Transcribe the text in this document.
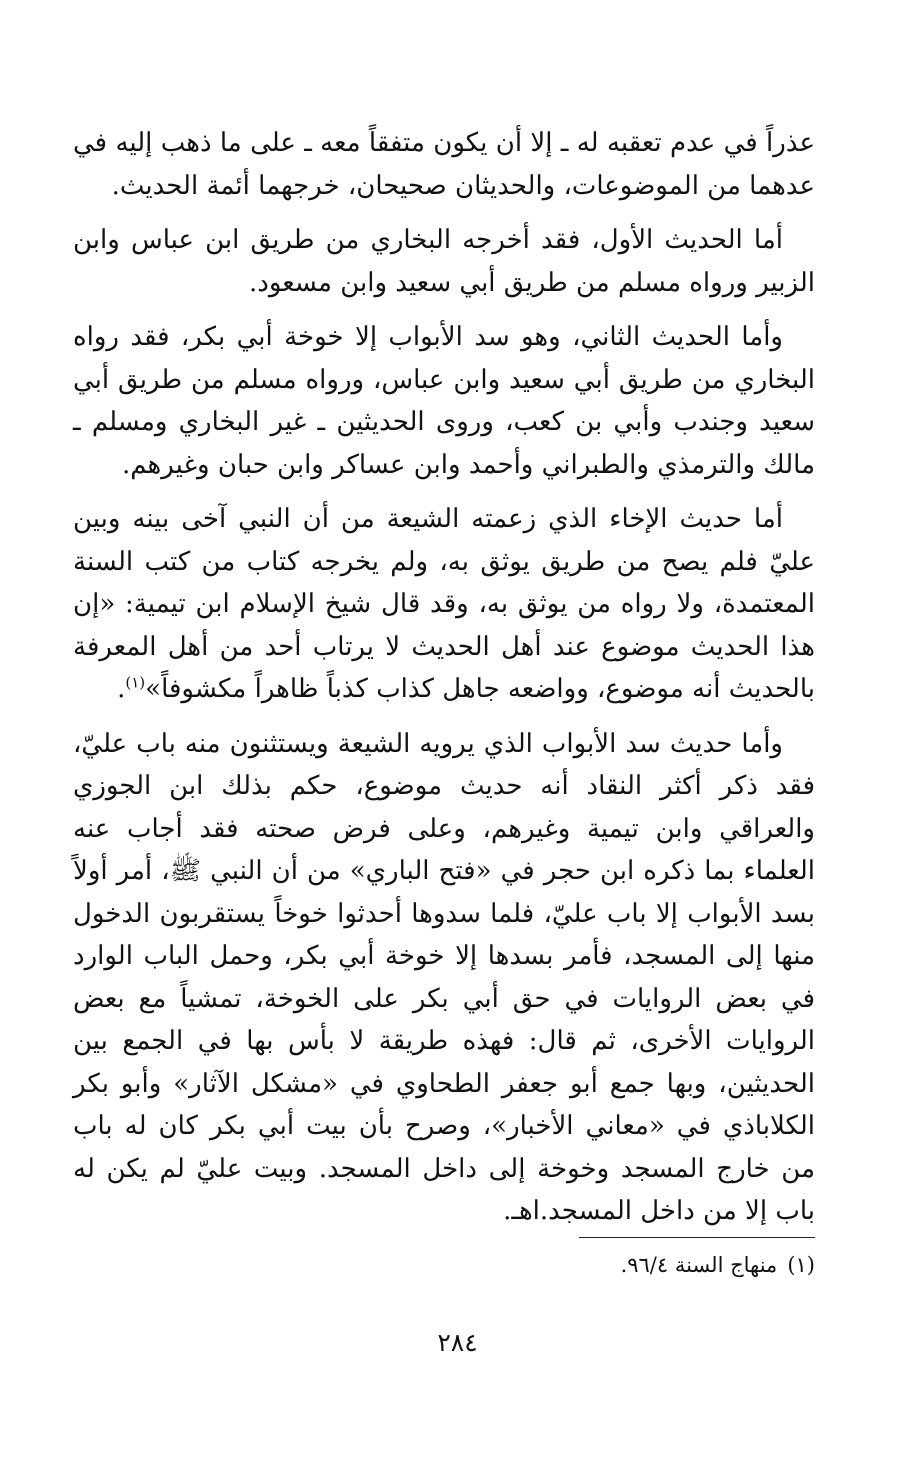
عذراً في عدم تعقبه له ـ إلا أن يكون متفقاً معه ـ على ما ذهب إليه في عدهما من الموضوعات، والحديثان صحيحان، خرجهما أئمة الحديث.

أما الحديث الأول، فقد أخرجه البخاري من طريق ابن عباس وابن الزبير ورواه مسلم من طريق أبي سعيد وابن مسعود.

وأما الحديث الثاني، وهو سد الأبواب إلا خوخة أبي بكر، فقد رواه البخاري من طريق أبي سعيد وابن عباس، ورواه مسلم من طريق أبي سعيد وجندب وأبي بن كعب، وروى الحديثين ـ غير البخاري ومسلم ـ مالك والترمذي والطبراني وأحمد وابن عساكر وابن حبان وغيرهم.

أما حديث الإخاء الذي زعمته الشيعة من أن النبي آخى بينه وبين عليّ فلم يصح من طريق يوثق به، ولم يخرجه كتاب من كتب السنة المعتمدة، ولا رواه من يوثق به، وقد قال شيخ الإسلام ابن تيمية: «إن هذا الحديث موضوع عند أهل الحديث لا يرتاب أحد من أهل المعرفة بالحديث أنه موضوع، وواضعه جاهل كذاب كذباً ظاهراً مكشوفاً»$^{(١)}$.

وأما حديث سد الأبواب الذي يرويه الشيعة ويستثنون منه باب عليّ، فقد ذكر أكثر النقاد أنه حديث موضوع، حكم بذلك ابن الجوزي والعراقي وابن تيمية وغيرهم، وعلى فرض صحته فقد أجاب عنه العلماء بما ذكره ابن حجر في «فتح الباري» من أن النبي ﷺ، أمر أولاً بسد الأبواب إلا باب عليّ، فلما سدوها أحدثوا خوخاً يستقربون الدخول منها إلى المسجد، فأمر بسدها إلا خوخة أبي بكر، وحمل الباب الوارد في بعض الروايات في حق أبي بكر على الخوخة، تمشياً مع بعض الروايات الأخرى، ثم قال: فهذه طريقة لا بأس بها في الجمع بين الحديثين، وبها جمع أبو جعفر الطحاوي في «مشكل الآثار» وأبو بكر الكلاباذي في «معاني الأخبار»، وصرح بأن بيت أبي بكر كان له باب من خارج المسجد وخوخة إلى داخل المسجد. وبيت عليّ لم يكن له باب إلا من داخل المسجد.اهـ.

(١)منهاج السنة ٩٦/٤.
٢٨٤
